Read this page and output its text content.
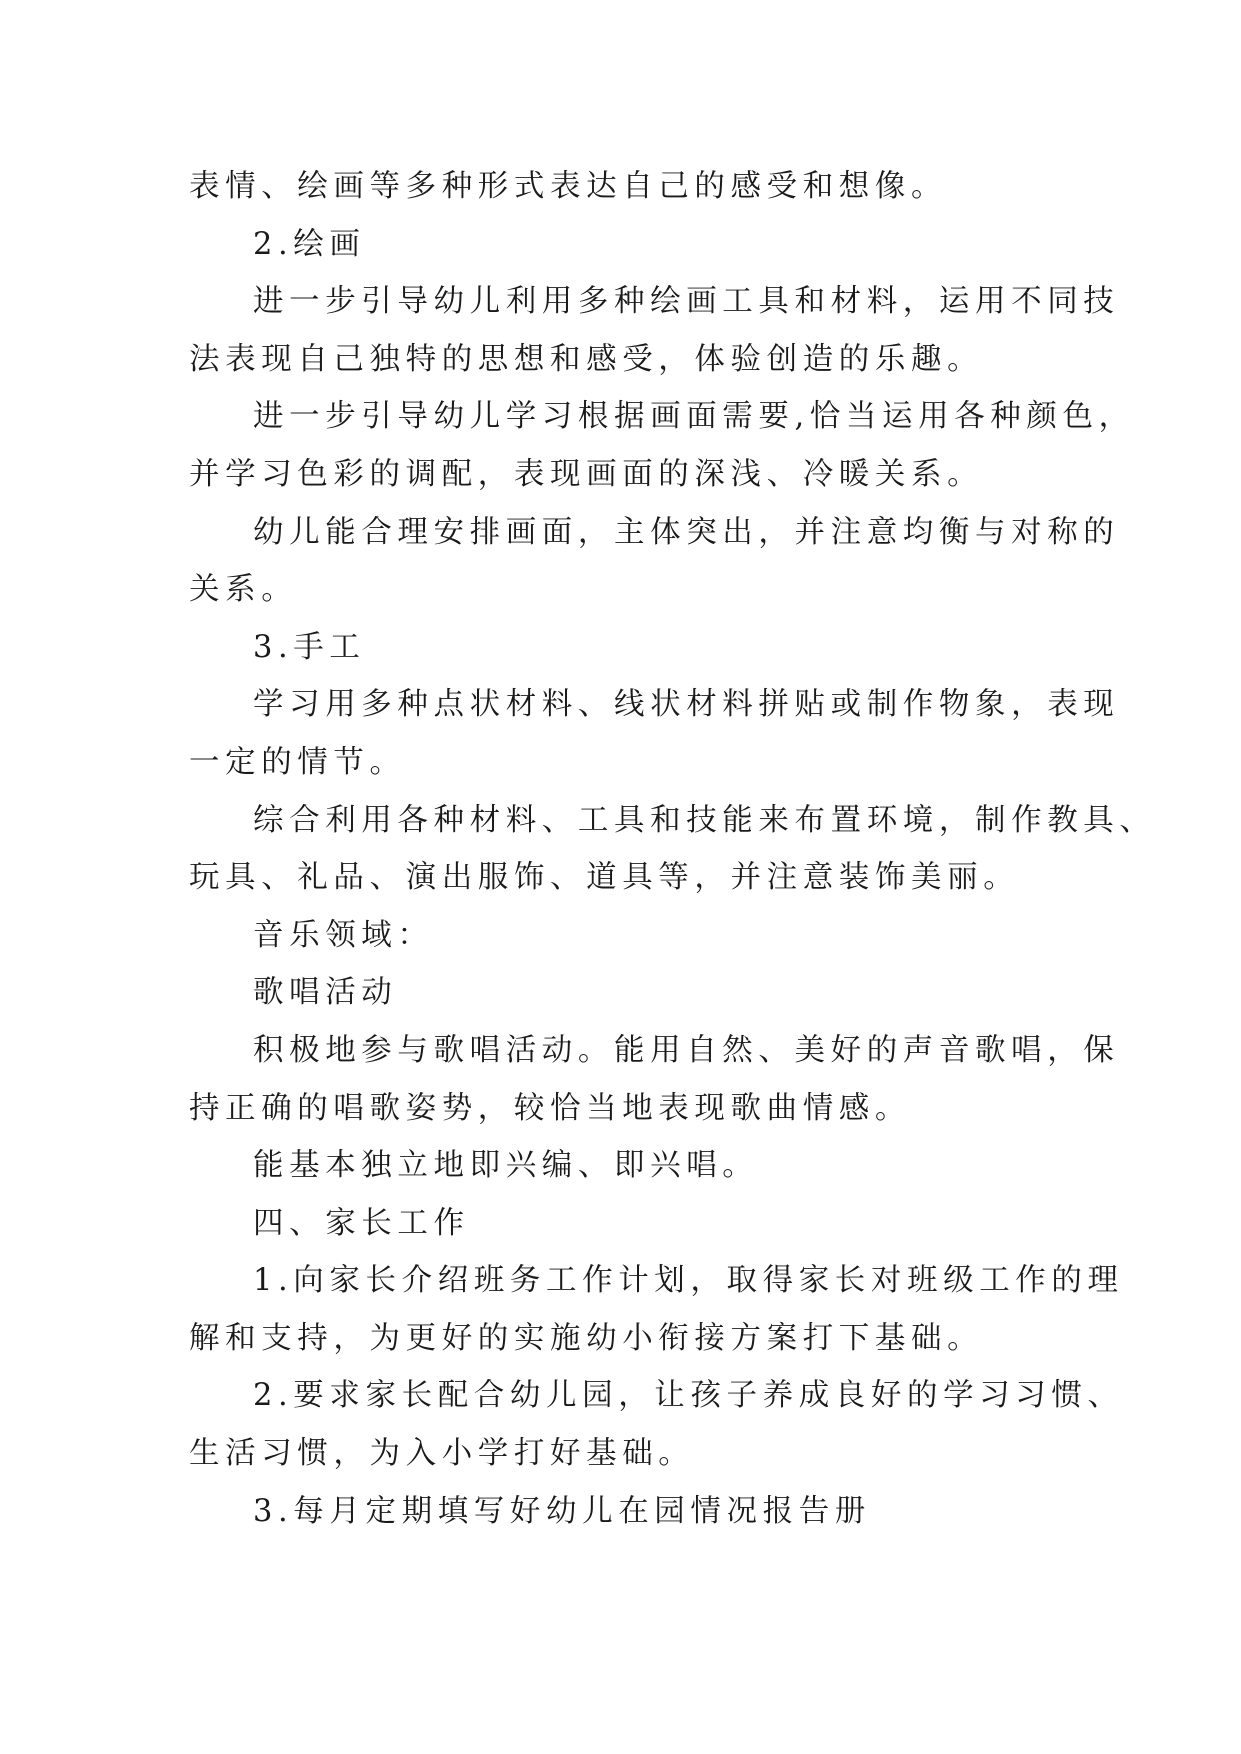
表情、绘画等多种形式表达自己的感受和想像。
2.绘画
进一步引导幼儿利用多种绘画工具和材料，运用不同技
法表现自己独特的思想和感受，体验创造的乐趣。
进一步引导幼儿学习根据画面需要,恰当运用各种颜色，
并学习色彩的调配，表现画面的深浅、冷暖关系。
幼儿能合理安排画面，主体突出，并注意均衡与对称的
关系。
3.手工
学习用多种点状材料、线状材料拼贴或制作物象，表现
一定的情节。
综合利用各种材料、工具和技能来布置环境，制作教具、
玩具、礼品、演出服饰、道具等，并注意装饰美丽。
音乐领域：
歌唱活动
积极地参与歌唱活动。能用自然、美好的声音歌唱，保
持正确的唱歌姿势，较恰当地表现歌曲情感。
能基本独立地即兴编、即兴唱。
四、家长工作
1.向家长介绍班务工作计划，取得家长对班级工作的理
解和支持，为更好的实施幼小衔接方案打下基础。
2.要求家长配合幼儿园，让孩子养成良好的学习习惯、
生活习惯，为入小学打好基础。
3.每月定期填写好幼儿在园情况报告册
